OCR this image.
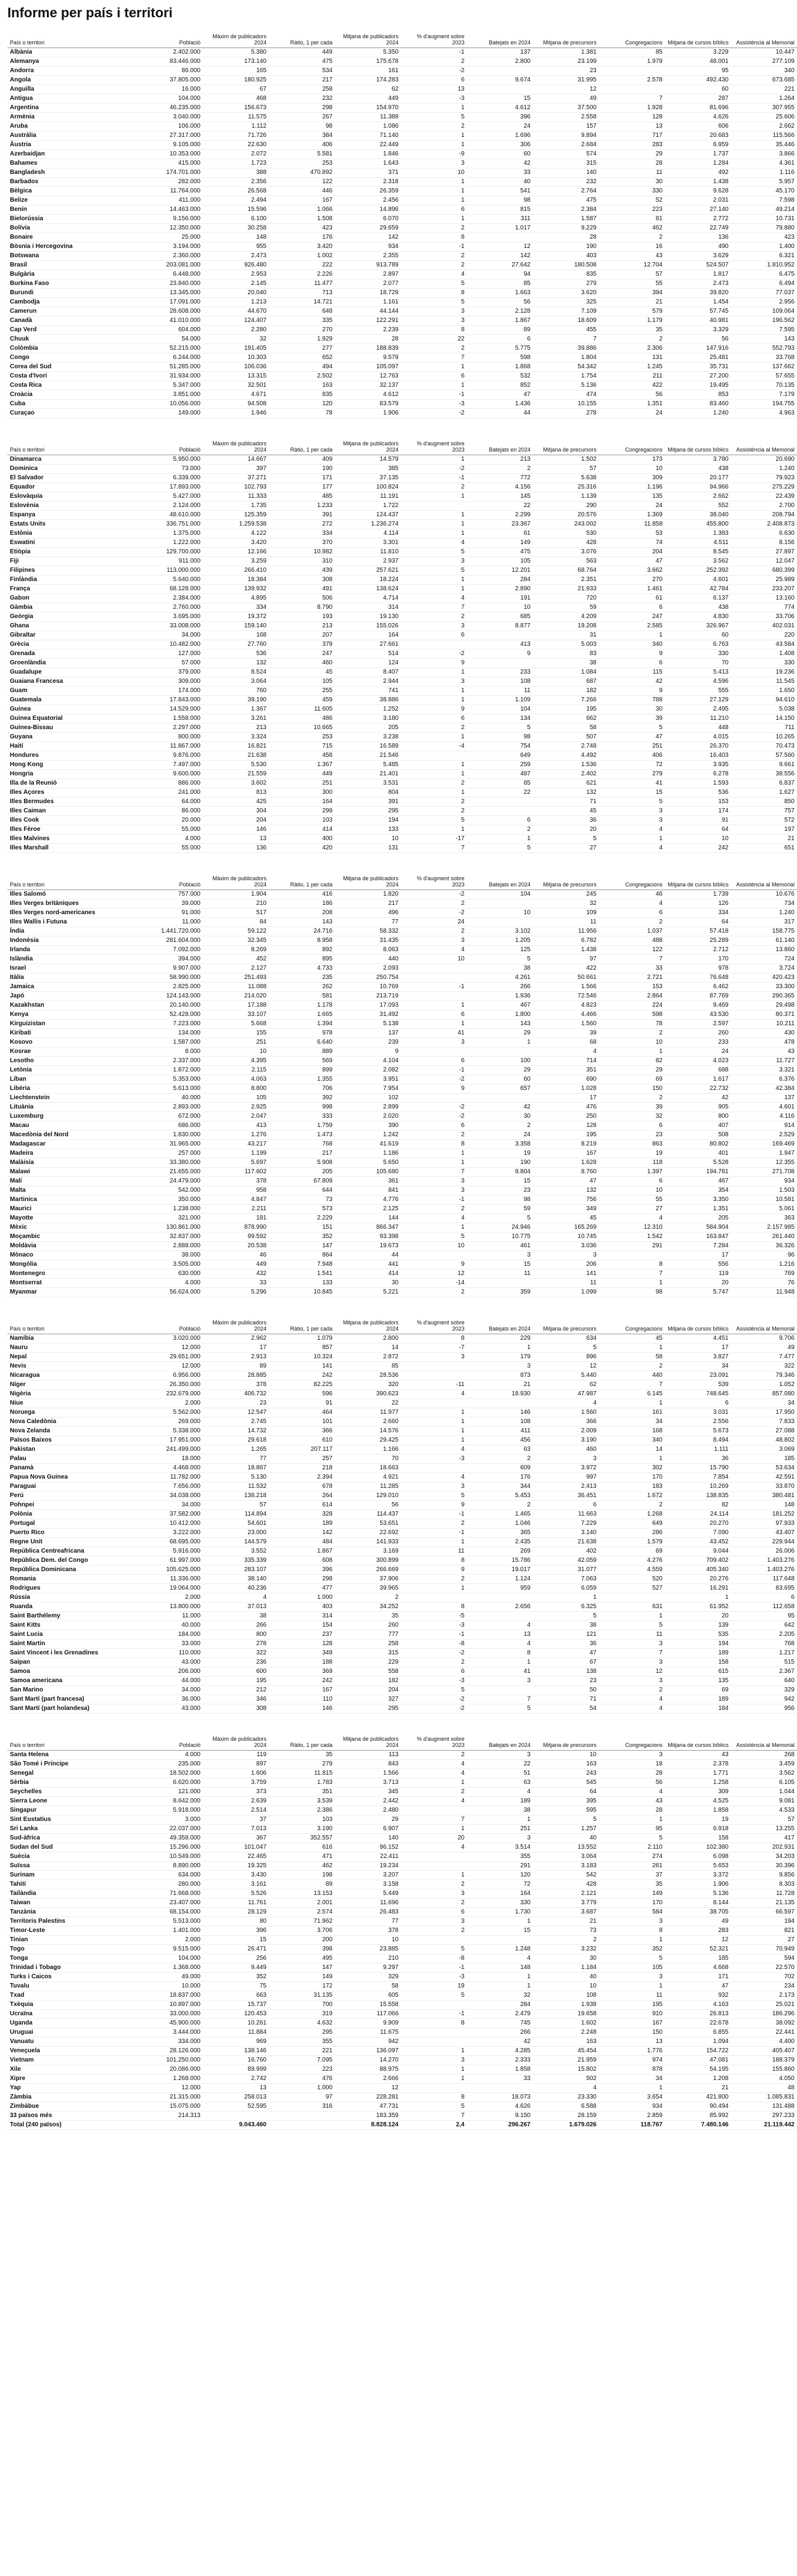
Informe per país i territori
País o territori	Població	Màxim de publicadors 2024	Ràtio, 1 per cada	Mitjana de publicadors 2024	% d'augment sobre 2023	Batejats en 2024	Mitjana de precursors	Congregacions	Mitjana de cursos bíblics	Assistència al Memorial
Albània	2.402.000	5.380	449	5.350	-1	137	1.381	85	3.229	10.447
Alemanya	83.446.000	173.140	475	175.678	2	2.800	23.199	1.979	48.001	277.109
Andorra	86.000	165	534	161	-2		23		95	340
Angola	37.805.000	180.925	217	174.283	6	9.674	31.995	2.578	492.430	673.685
Anguilla	16.000	67	258	62	13		12		60	221
Antigua	104.000	468	232	449	-3	15	49	7	287	1.264
Argentina	46.235.000	156.673	298	154.970	1	4.612	37.500	1.928	81.696	307.955
Armènia	3.040.000	11.575	267	11.388	5	396	2.558	128	4.626	25.606
Aruba	106.000	1.112	98	1.086	2	24	157	13	606	2.662
Austràlia	27.317.000	71.726	384	71.140	1	1.696	9.894	717	20.683	115.566
Àustria	9.105.000	22.630	406	22.449	1	306	2.684	283	6.959	35.446
Azerbaidjan	10.353.000	2.072	5.581	1.846	-9	60	574	29	1.737	3.866
Bahames	415.000	1.723	253	1.643	3	42	315	28	1.284	4.361
Bangladesh	174.701.000	388	470.892	371	10	33	140	11	492	1.116
Barbados	282.000	2.356	122	2.318	1	40	232	30	1.438	5.957
Bèlgica	11.764.000	26.568	446	26.359	1	541	2.764	330	9.628	45.170
Belize	411.000	2.494	167	2.456	1	98	475	52	2.031	7.598
Benín	14.463.000	15.596	1.066	14.896	6	815	2.384	223	27.140	49.214
Bielorússia	9.156.000	6.100	1.508	6.070	1	311	1.587	81	2.772	10.731
Bolívia	12.350.000	30.258	423	29.659	2	1.017	9.229	462	22.749	79.880
Bonaire	25.000	148	176	142	8		28	2	136	423
Bòsnia i Hercegovina	3.194.000	955	3.420	934	-1	12	190	16	490	1.400
Botswana	2.360.000	2.473	1.002	2.355	2	142	403	43	3.629	6.321
Brasil	203.081.000	926.480	222	913.789	2	27.642	180.508	12.704	524.507	1.810.952
Bulgària	6.448.000	2.953	2.226	2.897	4	94	835	57	1.817	6.475
Burkina Faso	23.840.000	2.145	11.477	2.077	5	85	279	55	2.473	6.494
Burundi	13.345.000	20.040	713	18.729	8	1.663	3.620	394	39.820	77.037
Cambodja	17.091.000	1.213	14.721	1.161	5	56	325	21	1.454	2.956
Camerun	28.608.000	44.670	648	44.144	3	2.128	7.109	579	57.745	109.064
Canadà	41.010.000	124.407	335	122.291	3	1.867	18.609	1.179	40.981	196.562
Cap Verd	604.000	2.280	270	2.239	8	89	455	35	3.329	7.595
Chuuk	54.000	32	1.929	28	22	6	7	2	56	143
Colòmbia	52.215.000	191.405	277	188.839	2	5.775	39.886	2.306	147.916	552.793
Congo	6.244.000	10.303	652	9.579	7	598	1.804	131	25.481	33.768
Corea del Sud	51.285.000	106.036	494	105.097	1	1.868	54.342	1.245	35.731	137.662
Costa d'Ivori	31.934.000	13.315	2.502	12.763	6	532	1.754	211	27.200	57.655
Costa Rica	5.347.000	32.501	163	32.137	1	852	5.136	422	19.495	70.135
Croàcia	3.851.000	4.671	835	4.612	-1	47	474	56	853	7.179
Cuba	10.056.000	94.508	120	83.579	-3	1.436	10.155	1.351	83.460	194.755
Curaçao	149.000	1.946	78	1.906	-2	44	278	24	1.240	4.963
País o territori	Població	Màxim de publicadors 2024	Ràtio, 1 per cada	Mitjana de publicadors 2024	% d'augment sobre 2023	Batejats en 2024	Mitjana de precursors	Congregacions	Mitjana de cursos bíblics	Assistència al Memorial
Dinamarca	5.950.000	14.667	409	14.579	1	213	1.502	173	3.780	20.690
Dominica	73.000	397	190	385	-2	2	57	10	438	1.240
El Salvador	6.339.000	37.271	171	37.135	-1	772	5.638	309	20.177	79.923
Equador	17.893.000	102.793	177	100.824	2	4.156	25.316	1.196	94.966	275.229
Eslovàquia	5.427.000	11.333	485	11.191	1	145	1.139	135	2.662	22.439
Eslovènia	2.124.000	1.735	1.233	1.722		22	290	24	552	2.700
Espanya	48.610.000	125.359	391	124.437	1	2.299	20.576	1.369	38.040	208.794
Estats Units	336.751.000	1.259.538	272	1.236.274	1	23.367	243.002	11.858	455.800	2.408.873
Estònia	1.375.000	4.122	334	4.114	1	61	530	53	1.383	6.630
Eswatini	1.222.000	3.420	370	3.301	4	149	428	74	4.511	8.156
Etiòpia	129.700.000	12.166	10.982	11.810	5	475	3.076	204	8.545	27.897
Fiji	911.000	3.259	310	2.937	3	105	563	47	3.562	12.047
Filipines	113.000.000	266.410	439	257.621	5	12.201	68.764	3.662	252.392	680.399
Finlàndia	5.640.000	18.384	308	18.224	1	284	2.351	270	4.601	25.989
França	68.128.000	139.932	491	138.624	1	2.890	21.933	1.461	42.784	233.207
Gabon	2.384.000	4.895	506	4.714	4	191	720	61	6.137	13.160
Gàmbia	2.760.000	334	8.790	314	7	10	59	6	438	774
Geòrgia	3.695.000	19.372	193	19.130	2	685	4.209	247	4.830	33.706
Ghana	33.008.000	159.140	213	155.026	3	8.877	19.208	2.585	326.967	402.031
Gibraltar	34.000	168	207	164	6		31	1	60	220
Grècia	10.482.000	27.760	379	27.661		413	5.003	340	6.763	43.584
Grenada	127.000	536	247	514	-2	9	83	9	330	1.408
Groenlàndia	57.000	132	460	124	9		38	6	70	330
Guadalupe	379.000	8.524	45	8.407	1	233	1.084	115	5.413	19.236
Guaiana Francesa	309.000	3.064	105	2.944	3	108	687	42	4.596	11.545
Guam	174.000	760	255	741	1	11	182	9	555	1.650
Guatemala	17.843.000	39.190	459	38.886	1	1.109	7.266	788	27.129	94.610
Guinea	14.529.000	1.367	11.605	1.252	9	104	195	30	2.495	5.038
Guinea Equatorial	1.558.000	3.261	486	3.180	6	134	662	39	11.210	14.150
Guinea-Bissau	2.297.000	213	10.665	205	2	5	58	5	448	711
Guyana	800.000	3.324	253	3.238	1	98	507	47	4.015	10.265
Haití	11.867.000	16.821	715	16.589	-4	754	2.748	251	26.370	70.473
Hondures	9.876.000	21.638	458	21.546		649	4.492	406	16.403	57.560
Hong Kong	7.497.000	5.530	1.367	5.485	1	259	1.536	72	3.935	9.661
Hongria	9.600.000	21.559	449	21.401	1	487	2.402	279	6.278	38.556
Illa de la Reunió	886.000	3.602	251	3.531	2	85	621	41	1.593	6.837
Illes Açores	241.000	813	300	804	1	22	132	15	536	1.627
Illes Bermudes	64.000	425	164	391	2		71	5	153	850
Illes Caiman	86.000	304	299	295	2		45	3	174	757
Illes Cook	20.000	204	103	194	5	6	36	3	91	572
Illes Fèroe	55.000	146	414	133	1	2	20	4	64	197
Illes Malvines	4.000	13	400	10	-17	1	5	1	10	21
Illes Marshall	55.000	136	420	131	7	5	27	4	242	651
País o territori	Població	Màxim de publicadors 2024	Ràtio, 1 per cada	Mitjana de publicadors 2024	% d'augment sobre 2023	Batejats en 2024	Mitjana de precursors	Congregacions	Mitjana de cursos bíblics	Assistència al Memorial
Illes Salomó	757.000	1.904	416	1.820	-2	104	245	46	1.739	10.676
Illes Verges britàniques	39.000	210	186	217	2		32	4	126	734
Illes Verges nord-americanes	91.000	517	208	496	-2	10	109	6	334	1.240
Illes Wallis i Futuna	11.000	84	143	77	24		11	2	64	317
Índia	1.441.720.000	59.122	24.716	58.332	2	3.102	11.956	1.037	57.418	158.775
Indonèsia	281.604.000	32.345	8.958	31.435	3	1.205	6.782	488	25.289	61.140
Irlanda	7.092.000	8.269	892	8.063	4	125	1.438	122	2.712	13.860
Islàndia	394.000	452	895	440	10	5	97	7	170	724
Israel	9.907.000	2.127	4.733	2.093		38	422	33	978	3.724
Itàlia	58.990.000	251.493	235	250.754		4.261	50.661	2.721	76.648	420.423
Jamaica	2.825.000	11.088	262	10.769	-1	266	1.566	153	6.462	33.300
Japó	124.143.000	214.020	581	213.719		1.936	72.546	2.864	87.769	290.365
Kazakhstan	20.140.000	17.188	1.178	17.093	1	467	4.823	224	9.469	29.498
Kenya	52.428.000	33.107	1.665	31.492	6	1.800	4.466	598	43.530	80.371
Kirguizistan	7.223.000	5.668	1.394	5.138	1	143	1.560	78	2.597	10.211
Kiribati	134.000	155	978	137	41	29	39	2	260	430
Kosovo	1.587.000	251	6.640	239	3	1	68	10	233	478
Kosrae	8.000	10	889	9			4	1	24	43
Lesotho	2.337.000	4.395	569	4.104	6	100	714	82	4.023	11.727
Letònia	1.872.000	2.115	899	2.082	-1	29	351	29	688	3.321
Líban	5.353.000	4.063	1.355	3.951	-2	60	690	69	1.617	6.376
Libèria	5.613.000	8.800	706	7.954	9	657	1.028	150	22.732	42.384
Liechtenstein	40.000	105	392	102			17	2	42	137
Lituània	2.893.000	2.925	998	2.899	-2	42	476	39	905	4.601
Luxemburg	672.000	2.047	333	2.020	-2	30	250	32	800	4.116
Macau	686.000	413	1.759	390	6	2	128	6	407	914
Macedònia del Nord	1.830.000	1.276	1.473	1.242	2	24	195	23	508	2.529
Madagascar	31.965.000	43.217	768	41.619	8	3.358	8.219	863	80.802	169.469
Madeira	257.000	1.199	217	1.186	1	19	167	19	401	1.947
Malàisia	33.380.000	5.697	5.908	5.650	1	190	1.628	118	5.528	12.355
Malawi	21.655.000	117.602	205	105.680	7	9.804	8.760	1.397	194.781	271.708
Malí	24.479.000	378	67.809	361	3	15	47	6	467	934
Malta	542.000	958	644	841	3	23	132	10	354	1.503
Martinica	350.000	4.847	73	4.776	-1	98	756	55	3.350	10.581
Maurici	1.238.000	2.211	573	2.125	2	59	349	27	1.351	5.061
Mayotte	321.000	181	2.229	144	4	5	45	4	205	363
Mèxic	130.861.000	878.990	151	866.347	1	24.946	165.269	12.310	584.904	2.157.985
Moçambic	32.837.000	99.592	352	93.398	5	10.775	10.745	1.542	163.847	261.440
Moldàvia	2.888.000	20.538	147	19.673	10	461	3.036	291	7.284	36.326
Mònaco	38.000	46	864	44		3	3		17	96
Mongòlia	3.505.000	449	7.948	441	9	15	206	8	556	1.216
Montenegro	630.000	432	1.541	414	12	11	141	7	119	769
Montserrat	4.000	33	133	30	-14		11	1	20	76
Myanmar	56.624.000	5.296	10.845	5.221	2	359	1.099	98	5.747	11.948
País o territori	Població	Màxim de publicadors 2024	Ràtio, 1 per cada	Mitjana de publicadors 2024	% d'augment sobre 2023	Batejats en 2024	Mitjana de precursors	Congregacions	Mitjana de cursos bíblics	Assistència al Memorial
Namíbia	3.020.000	2.962	1.079	2.800	8	229	634	45	4.451	9.706
Nauru	12.000	17	857	14	-7	1	5	1	17	49
Nepal	29.651.000	2.913	10.324	2.872	3	179	896	58	3.827	7.477
Nevis	12.000	89	141	85		3	12	2	34	322
Nicaragua	6.956.000	28.885	242	28.536		873	5.440	440	23.091	79.346
Níger	26.350.000	378	82.225	320	-11	21	62	7	539	1.052
Nigèria	232.679.000	406.732	596	390.623	4	18.930	47.987	6.145	748.645	857.080
Niue	2.000	23	91	22			4	1	6	34
Noruega	5.562.000	12.547	464	11.977	1	146	1.560	161	3.031	17.950
Nova Caledònia	269.000	2.745	101	2.660	1	108	366	34	2.556	7.833
Nova Zelanda	5.338.000	14.732	366	14.576	1	411	2.009	168	5.673	27.088
Països Baixos	17.951.000	29.618	610	29.425	1	456	3.190	340	8.494	48.802
Pakistan	241.499.000	1.265	207.117	1.166	4	63	460	14	1.111	3.069
Palau	18.000	77	257	70	-3	2	3	1	36	185
Panamà	4.468.000	18.867	218	18.663		609	3.972	302	15.790	53.634
Papua Nova Guinea	11.782.000	5.130	2.394	4.921	4	176	997	170	7.854	42.591
Paraguai	7.656.000	11.532	678	11.285	3	344	2.413	183	10.269	33.870
Perú	34.038.000	138.218	264	129.010	5	5.453	36.451	1.672	138.835	380.481
Pohnpei	34.000	57	614	56	9	2	6	2	82	148
Polònia	37.582.000	114.894	328	114.437	-1	1.465	11.663	1.268	24.114	181.252
Portugal	10.412.000	54.601	189	53.651	2	1.046	7.229	649	20.270	97.933
Puerto Rico	3.222.000	23.000	142	22.692	-1	365	3.140	286	7.090	43.407
Regne Unit	68.695.000	144.579	484	141.933	1	2.435	21.638	1.579	43.452	229.944
República Centreafricana	5.916.000	3.552	1.867	3.169	11	269	402	69	9.044	26.006
República Dem. del Congo	61.997.000	335.339	608	300.899	8	15.786	42.059	4.276	709.402	1.403.276
República Dominicana	105.625.000	283.107	396	266.669	9	19.017	31.077	4.559	405.340	1.403.276
Romania	11.336.000	38.140	298	37.906	2	1.124	7.063	520	20.276	117.648
Rodrigues	19.064.000	40.236	477	39.965	1	959	6.059	527	16.291	83.695
Rússia	2.000	4	1.000	2			1		1	6
Ruanda	13.800.000	37.013	403	34.252	8	2.656	6.325	631	61.952	112.658
Saint Barthélemy	11.000	38	314	35	-5		5	1	20	95
Saint Kitts	40.000	266	154	260	-3	4	38	5	139	642
Saint Lucia	184.000	800	237	777	-1	13	121	11	535	2.205
Saint Martin	33.000	278	128	258	-8	4	36	3	194	768
Saint Vincent i les Grenadines	110.000	322	349	315	-2	8	47	7	189	1.217
Saipan	43.000	236	188	229	2	1	67	3	158	515
Samoa	206.000	600	369	558	6	41	138	12	615	2.367
Samoa americana	44.000	195	242	182	-3	3	23	3	135	640
San Marino	34.000	212	167	204	5		50	2	69	329
Sant Martí (part francesa)	36.000	346	110	327	-2	7	71	4	189	942
Sant Martí (part holandesa)	43.000	308	146	295	-2	5	54	4	184	956
País o territori	Població	Màxim de publicadors 2024	Ràtio, 1 per cada	Mitjana de publicadors 2024	% d'augment sobre 2023	Batejats en 2024	Mitjana de precursors	Congregacions	Mitjana de cursos bíblics	Assistència al Memorial
Santa Helena	4.000	119	35	113	2	3	10	3	43	268
São Tomé i Príncipe	235.000	897	279	843	4	22	163	18	2.378	3.459
Senegal	18.502.000	1.606	11.815	1.566	4	51	243	28	1.771	3.562
Sèrbia	6.620.000	3.759	1.783	3.713	1	63	545	56	1.258	6.105
Seychelles	121.000	373	351	345	2	4	64	4	309	1.044
Sierra Leone	8.642.000	2.639	3.539	2.442	4	189	395	43	4.525	9.081
Singapur	5.918.000	2.514	2.386	2.480		38	595	28	1.858	4.533
Sint Eustatius	3.000	37	103	29	7	1	5	1	19	57
Sri Lanka	22.037.000	7.013	3.190	6.907	1	251	1.257	95	6.918	13.255
Sud-àfrica	49.358.000	367	352.557	140	20	3	40	5	158	417
Sudan del Sud	15.296.000	101.047	616	96.152	4	3.514	13.552	2.110	102.380	202.931
Suècia	10.549.000	22.465	471	22.411		355	3.064	274	6.098	34.203
Suïssa	8.890.000	19.325	462	19.234		291	3.183	261	5.653	30.396
Surinam	634.000	3.430	198	3.207	1	120	542	37	3.372	9.856
Tahití	280.000	3.161	89	3.158	2	72	428	35	1.906	8.303
Tailàndia	71.668.000	5.526	13.153	5.449	3	164	2.121	149	5.136	11.728
Taiwan	23.407.000	11.761	2.001	11.696	2	330	3.779	170	8.144	21.135
Tanzània	68.154.000	28.129	2.574	26.483	6	1.730	3.687	584	38.705	66.597
Territoris Palestins	5.513.000	80	71.962	77	3	1	21	3	49	194
Timor-Leste	1.401.000	396	3.706	378	2	15	73	8	283	821
Tinian	2.000	15	200	10			2	1	12	27
Togo	9.515.000	26.471	398	23.885	5	1.248	3.232	352	52.321	70.949
Tonga	104.000	256	495	210	-8	4	30	5	185	594
Trinidad i Tobago	1.368.000	9.449	147	9.297	-1	148	1.184	105	4.668	22.570
Turks i Caicos	49.000	352	149	329	-3	1	40	3	171	702
Tuvalu	10.000	75	172	58	19	1	10	1	47	234
Txad	18.837.000	663	31.135	605	5	32	108	11	932	2.173
Txèquia	10.897.000	15.737	700	15.558		284	1.938	195	4.163	25.021
Ucraïna	33.000.000	120.453	319	117.066	-1	2.479	19.658	910	26.813	186.296
Uganda	45.900.000	10.261	4.632	9.909	8	745	1.602	167	22.678	38.092
Uruguai	3.444.000	11.884	295	11.675		266	2.248	150	6.855	22.441
Vanuatu	334.000	969	355	942		42	163	13	1.094	4.400
Veneçuela	28.126.000	138.146	221	136.097	1	4.285	45.454	1.776	154.722	405.407
Vietnam	101.250.000	16.760	7.095	14.270	3	2.333	21.959	974	47.081	188.379
Xile	20.086.000	89.999	223	88.975	1	1.858	15.802	878	54.195	155.860
Xipre	1.268.000	2.742	476	2.666	1	33	502	34	1.208	4.050
Yap	12.000	13	1.000	12			4	1	21	48
Zàmbia	21.315.000	258.013	97	228.281	8	18.073	23.330	3.654	421.800	1.085.831
Zimbàbue	15.075.000	52.595	316	47.731	5	4.626	6.588	934	90.494	131.488
33 països més	214.313			183.359	7	9.150	28.159	2.859	85.992	297.233
Total (240 països)		9.043.460		8.828.124	2,4	296.267	1.679.026	118.767	7.480.146	21.119.442
